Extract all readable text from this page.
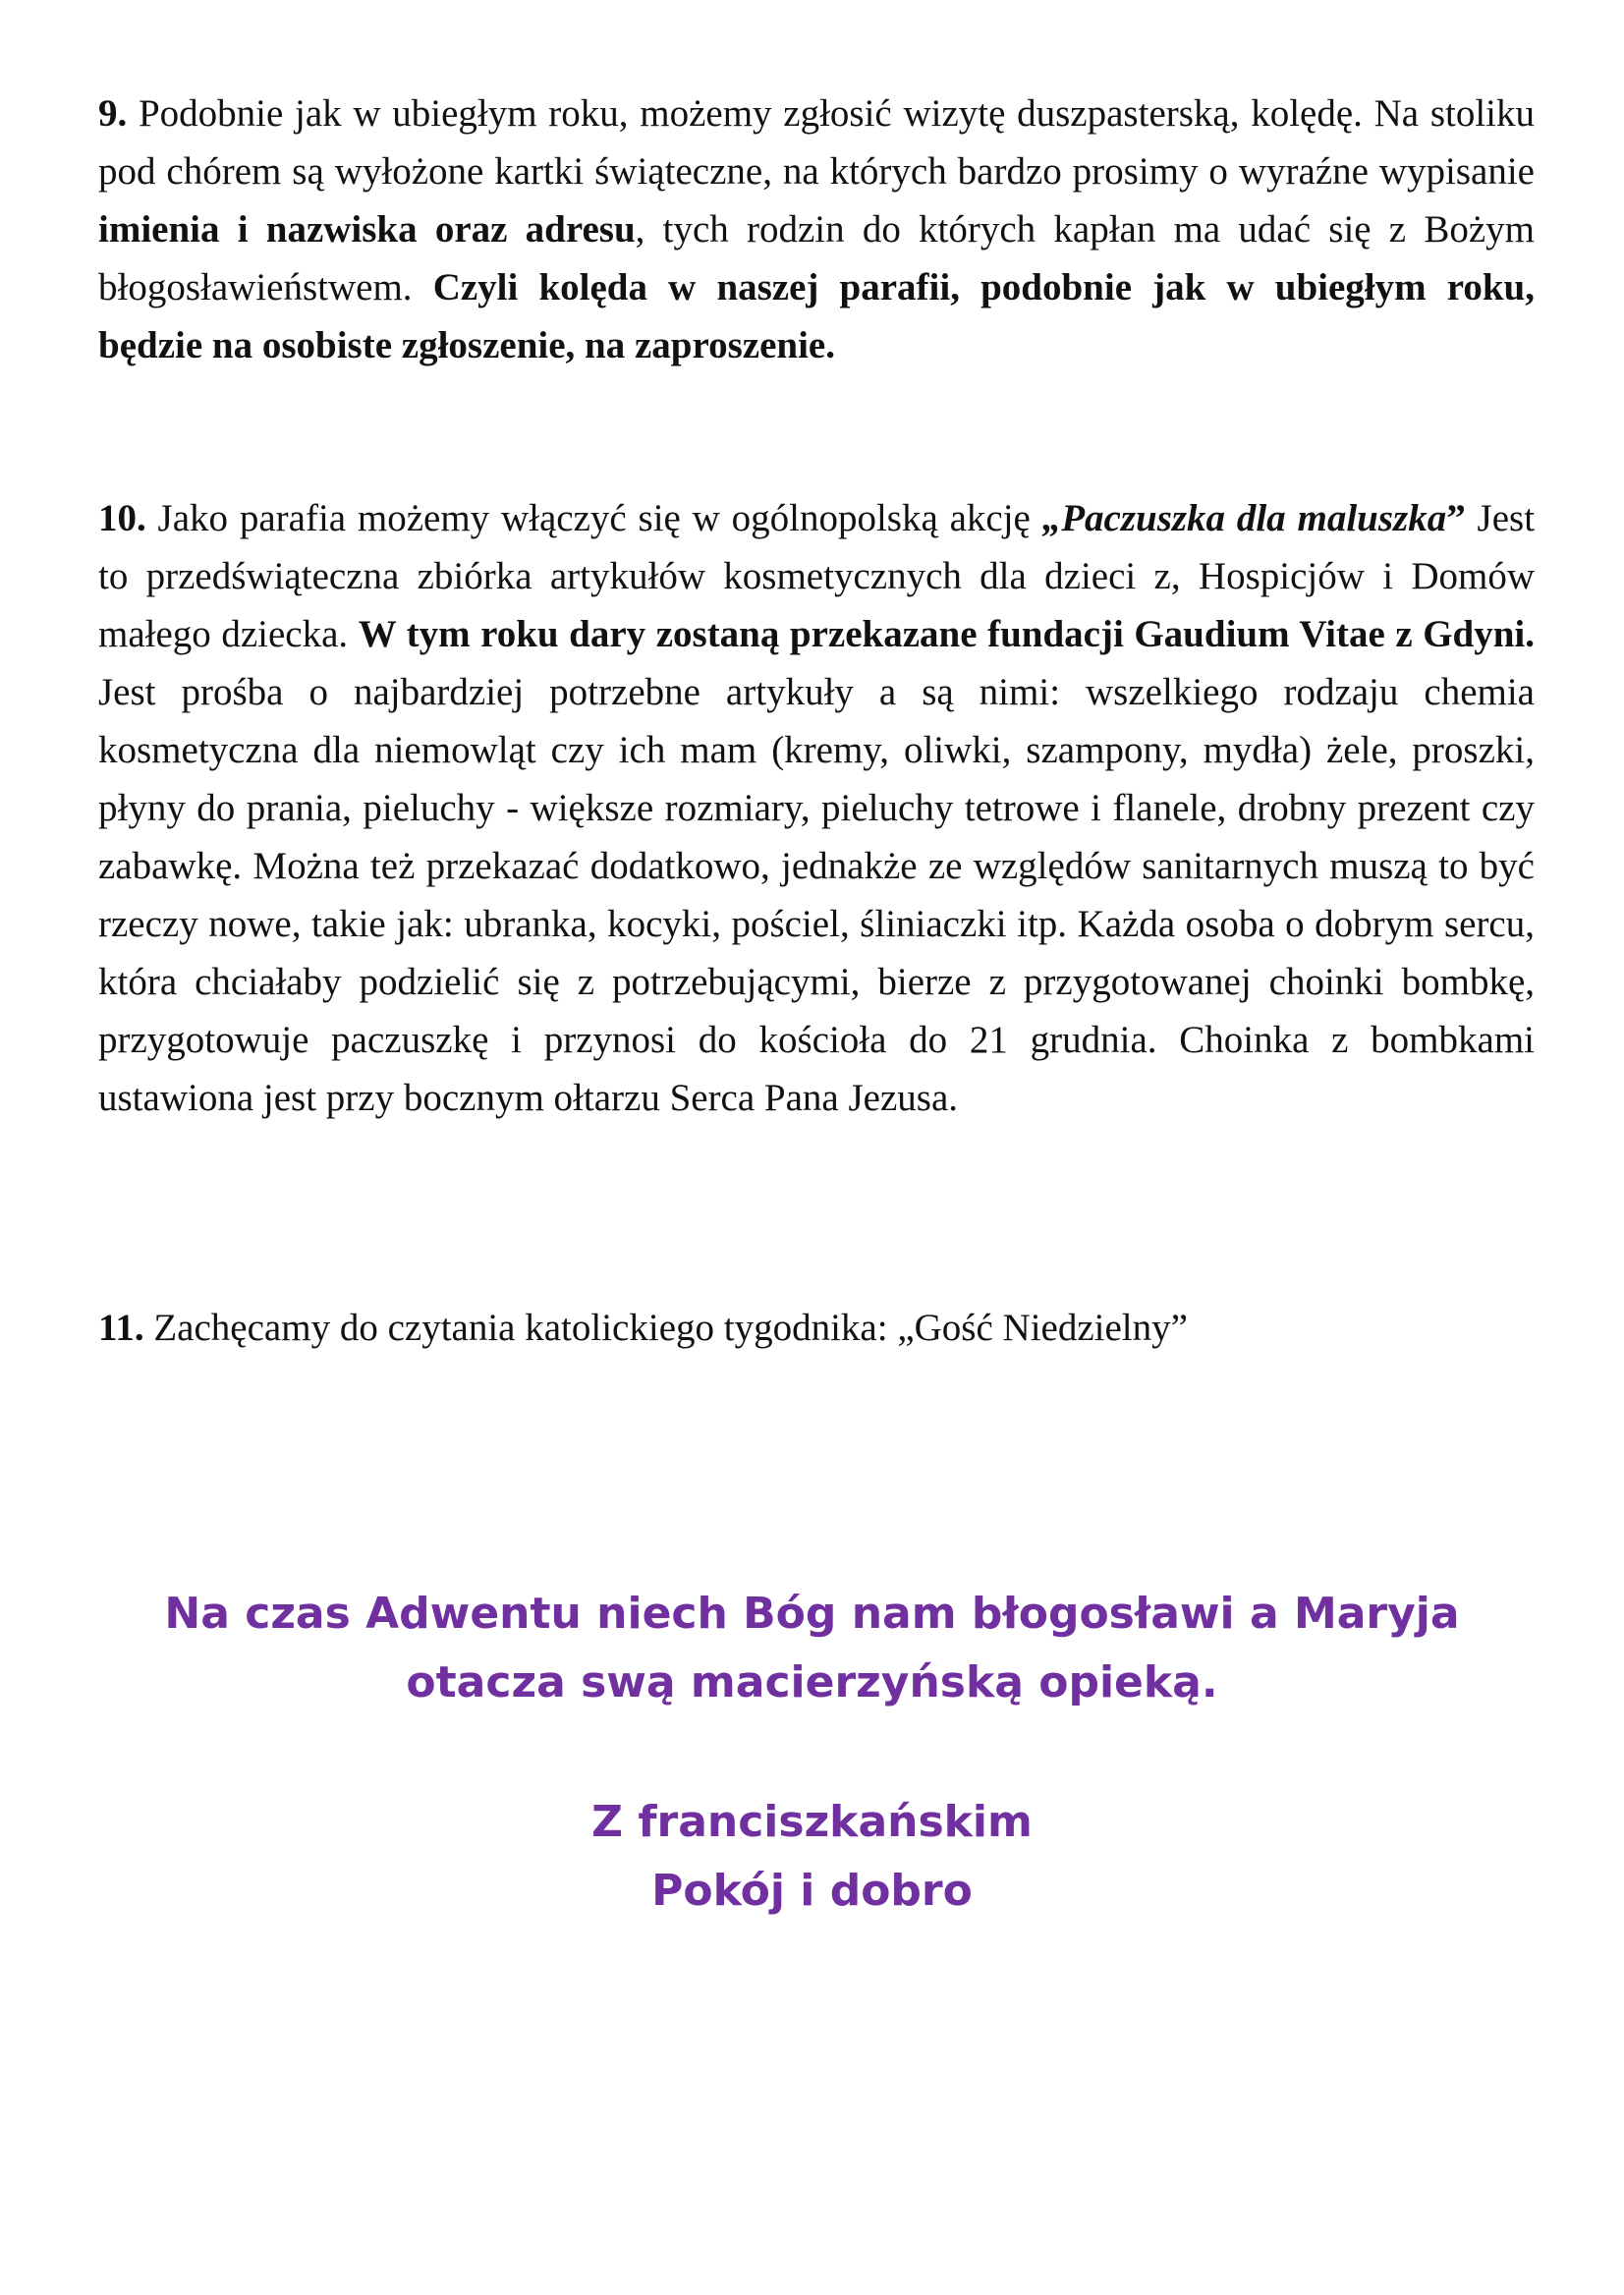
9. Podobnie jak w ubiegłym roku, możemy zgłosić wizytę duszpasterską, kolędę. Na stoliku pod chórem są wyłożone kartki świąteczne, na których bardzo prosimy o wyraźne wypisanie imienia i nazwiska oraz adresu, tych rodzin do których kapłan ma udać się z Bożym błogosławieństwem. Czyli kolęda w naszej parafii, podobnie jak w ubiegłym roku, będzie na osobiste zgłoszenie, na zaproszenie.

10. Jako parafia możemy włączyć się w ogólnopolską akcję „Paczuszka dla maluszka” Jest to przedświąteczna zbiórka artykułów kosmetycznych dla dzieci z, Hospicjów i Domów małego dziecka. W tym roku dary zostaną przekazane fundacji Gaudium Vitae z Gdyni. Jest prośba o najbardziej potrzebne artykuły a są nimi: wszelkiego rodzaju chemia kosmetyczna dla niemowląt czy ich mam (kremy, oliwki, szampony, mydła) żele, proszki, płyny do prania, pieluchy - większe rozmiary, pieluchy tetrowe i flanele, drobny prezent czy zabawkę. Można też przekazać dodatkowo, jednakże ze względów sanitarnych muszą to być rzeczy nowe, takie jak: ubranka, kocyki, pościel, śliniaczki itp. Każda osoba o dobrym sercu, która chciałaby podzielić się z potrzebującymi, bierze z przygotowanej choinki bombkę, przygotowuje paczuszkę i przynosi do kościoła do 21 grudnia. Choinka z bombkami ustawiona jest przy bocznym ołtarzu Serca Pana Jezusa.

11. Zachęcamy do czytania katolickiego tygodnika: „Gość Niedzielny”

Na czas Adwentu niech Bóg nam błogosławi a Maryja
otacza swą macierzyńską opieką.

Z franciszkańskim
Pokój i dobro
